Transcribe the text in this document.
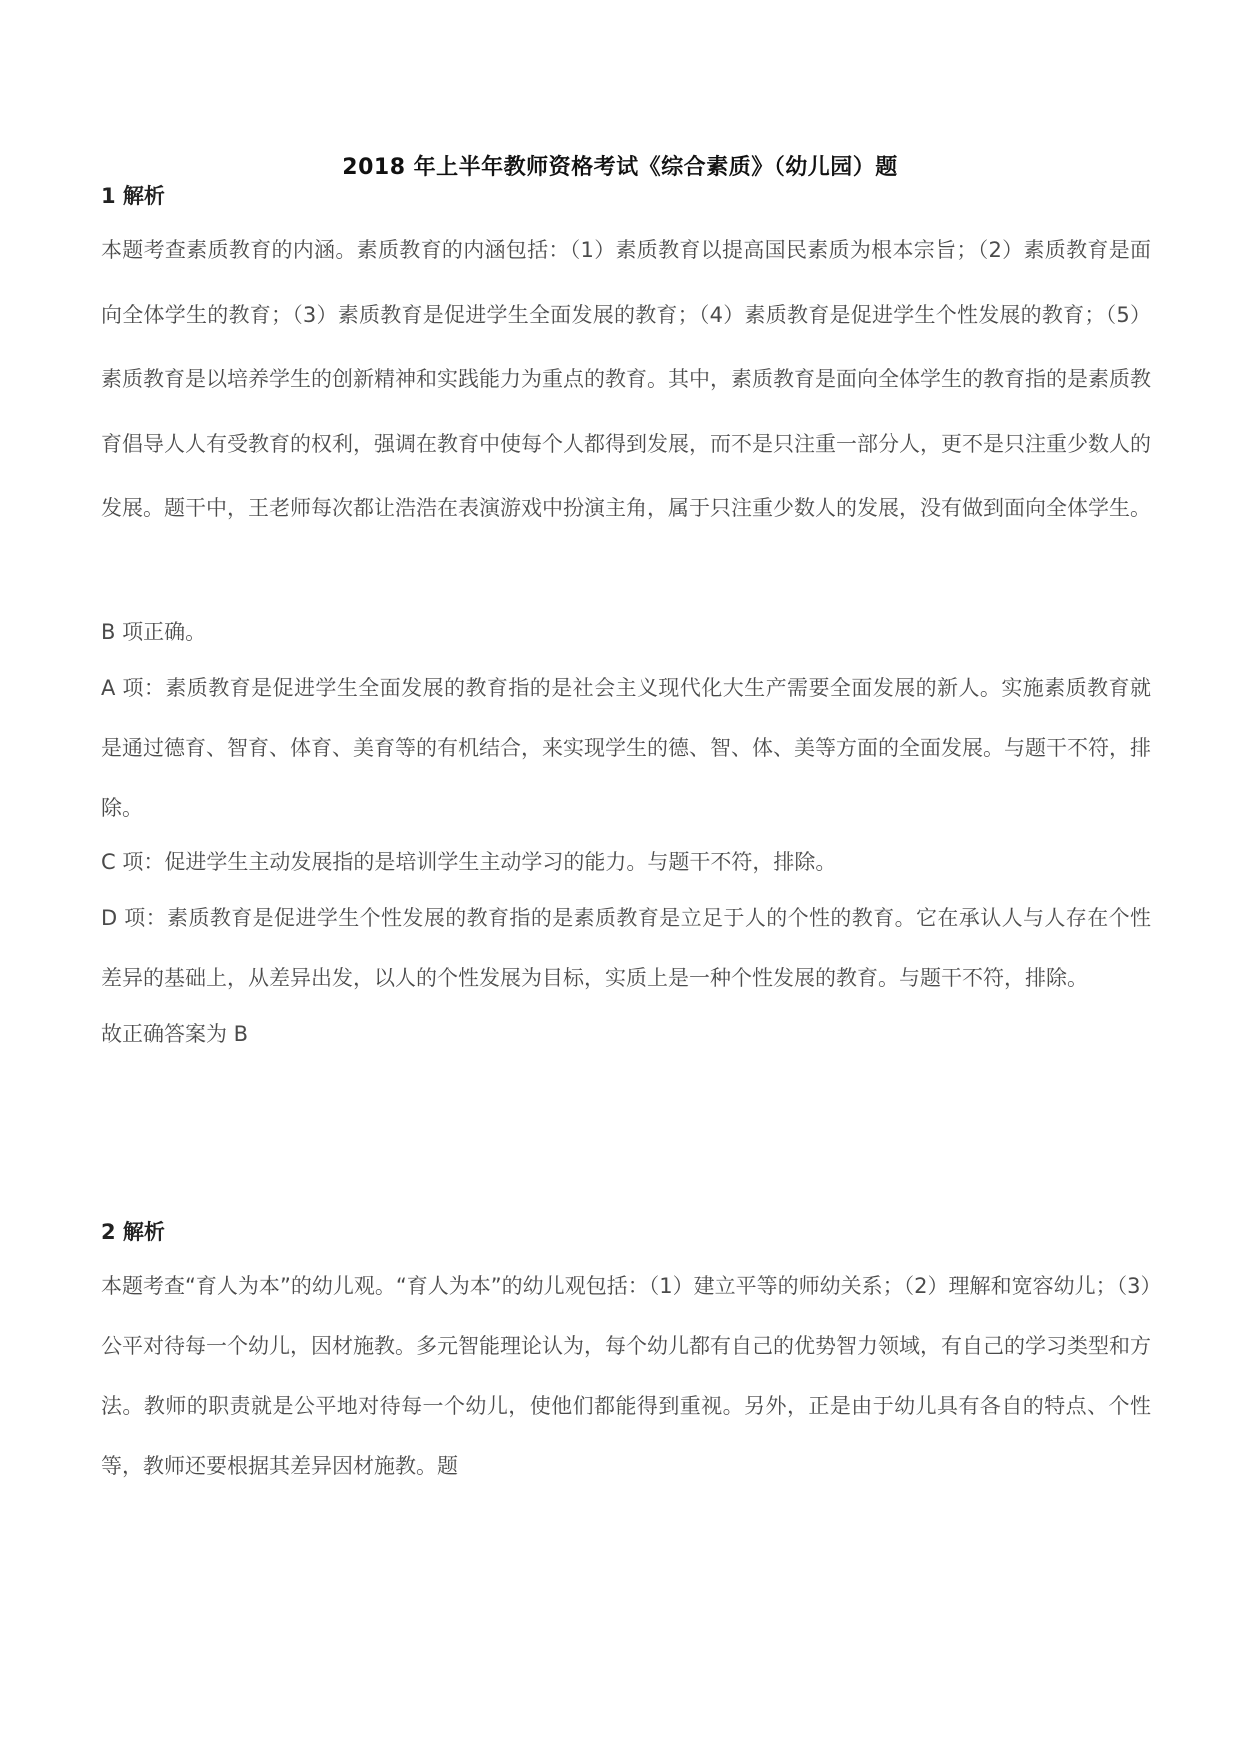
2018 年上半年教师资格考试《综合素质》（幼儿园）题

1 解析

本题考查素质教育的内涵。素质教育的内涵包括：（1）素质教育以提高国民素质为根本宗旨；（2）素质教育是面向全体学生的教育；（3）素质教育是促进学生全面发展的教育；（4）素质教育是促进学生个性发展的教育；（5）素质教育是以培养学生的创新精神和实践能力为重点的教育。其中，素质教育是面向全体学生的教育指的是素质教育倡导人人有受教育的权利，强调在教育中使每个人都得到发展，而不是只注重一部分人，更不是只注重少数人的发展。题干中，王老师每次都让浩浩在表演游戏中扮演主角，属于只注重少数人的发展，没有做到面向全体学生。

B 项正确。

A 项：素质教育是促进学生全面发展的教育指的是社会主义现代化大生产需要全面发展的新人。实施素质教育就是通过德育、智育、体育、美育等的有机结合，来实现学生的德、智、体、美等方面的全面发展。与题干不符，排除。

C 项：促进学生主动发展指的是培训学生主动学习的能力。与题干不符，排除。

D 项：素质教育是促进学生个性发展的教育指的是素质教育是立足于人的个性的教育。它在承认人与人存在个性差异的基础上，从差异出发，以人的个性发展为目标，实质上是一种个性发展的教育。与题干不符，排除。

故正确答案为 B

2 解析

本题考查“育人为本”的幼儿观。“育人为本”的幼儿观包括：（1）建立平等的师幼关系；（2）理解和宽容幼儿；（3）公平对待每一个幼儿，因材施教。多元智能理论认为，每个幼儿都有自己的优势智力领域，有自己的学习类型和方法。教师的职责就是公平地对待每一个幼儿，使他们都能得到重视。另外，正是由于幼儿具有各自的特点、个性等，教师还要根据其差异因材施教。题
